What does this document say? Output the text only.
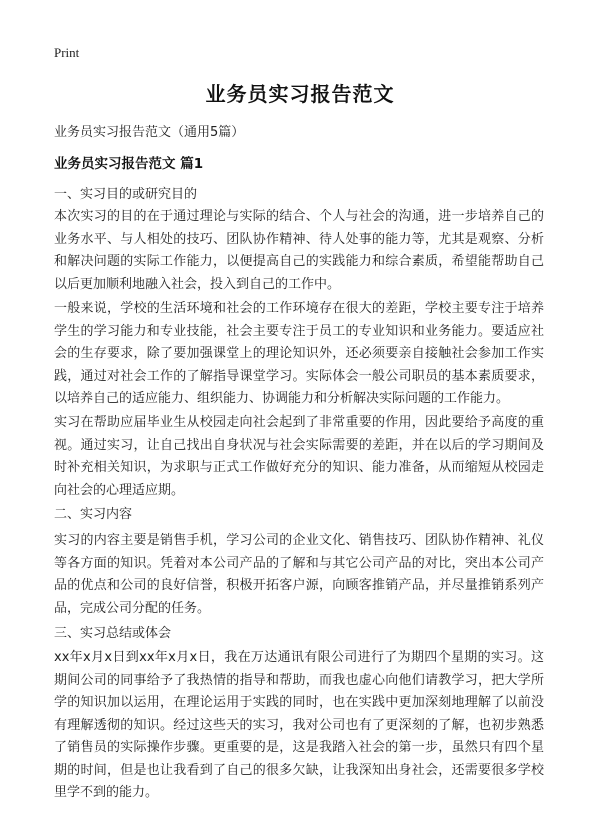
Print
业务员实习报告范文
业务员实习报告范文（通用5篇）
业务员实习报告范文 篇1
一、实习目的或研究目的

本次实习的目的在于通过理论与实际的结合、个人与社会的沟通，进一步培养自己的业务水平、与人相处的技巧、团队协作精神、待人处事的能力等，尤其是观察、分析和解决问题的实际工作能力，以便提高自己的实践能力和综合素质，希望能帮助自己以后更加顺利地融入社会，投入到自己的工作中。

一般来说，学校的生活环境和社会的工作环境存在很大的差距，学校主要专注于培养学生的学习能力和专业技能，社会主要专注于员工的专业知识和业务能力。要适应社会的生存要求，除了要加强课堂上的理论知识外，还必须要亲自接触社会参加工作实践，通过对社会工作的了解指导课堂学习。实际体会一般公司职员的基本素质要求，以培养自己的适应能力、组织能力、协调能力和分析解决实际问题的工作能力。

实习在帮助应届毕业生从校园走向社会起到了非常重要的作用，因此要给予高度的重视。通过实习，让自己找出自身状况与社会实际需要的差距，并在以后的学习期间及时补充相关知识，为求职与正式工作做好充分的知识、能力准备，从而缩短从校园走向社会的心理适应期。

二、实习内容

实习的内容主要是销售手机，学习公司的企业文化、销售技巧、团队协作精神、礼仪等各方面的知识。凭着对本公司产品的了解和与其它公司产品的对比，突出本公司产品的优点和公司的良好信誉，积极开拓客户源，向顾客推销产品，并尽量推销系列产品，完成公司分配的任务。

三、实习总结或体会

xx年x月x日到xx年x月x日，我在万达通讯有限公司进行了为期四个星期的实习。这期间公司的同事给予了我热情的指导和帮助，而我也虚心向他们请教学习，把大学所学的知识加以运用，在理论运用于实践的同时，也在实践中更加深刻地理解了以前没有理解透彻的知识。经过这些天的实习，我对公司也有了更深刻的了解，也初步熟悉了销售员的实际操作步骤。更重要的是，这是我踏入社会的第一步，虽然只有四个星期的时间，但是也让我看到了自己的很多欠缺，让我深知出身社会，还需要很多学校里学不到的能力。
